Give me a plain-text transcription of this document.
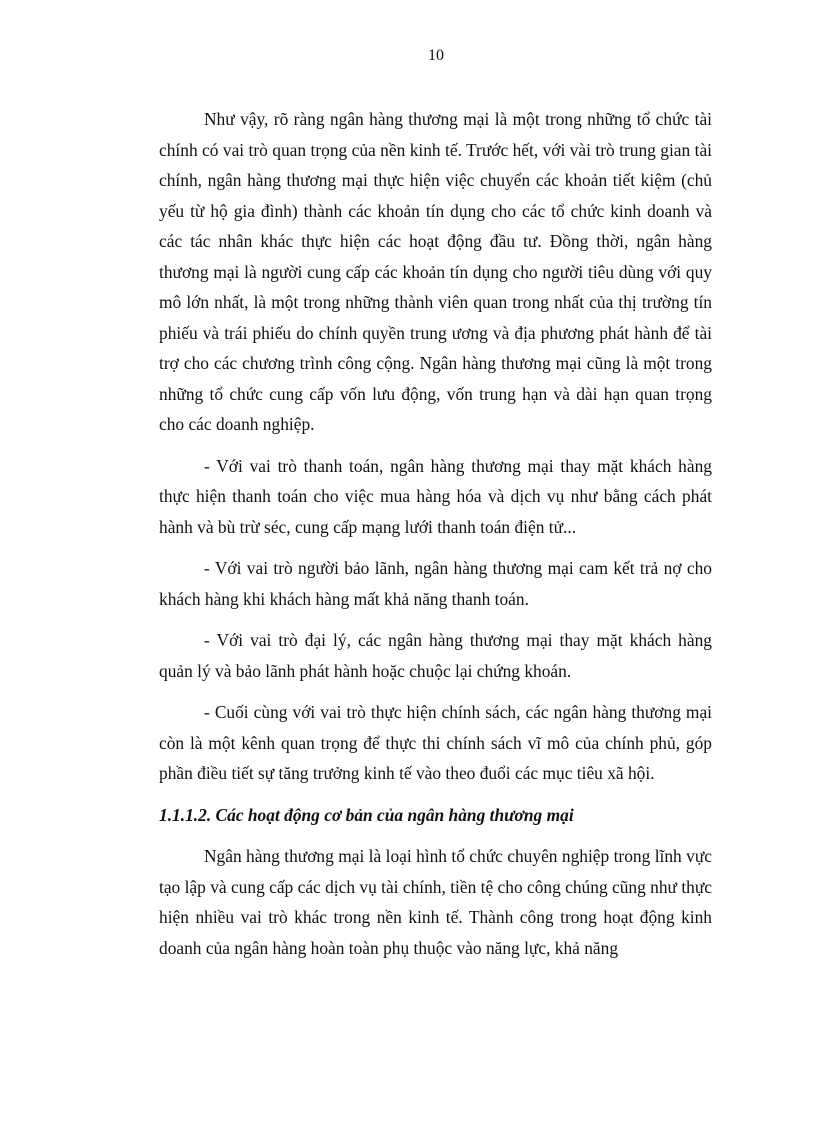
10

Như vậy, rõ ràng ngân hàng thương mại là một trong những tổ chức tài chính có vai trò quan trọng của nền kinh tế. Trước hết, với vài trò trung gian tài chính, ngân hàng thương mại thực hiện việc chuyển các khoản tiết kiệm (chủ yếu từ hộ gia đình) thành các khoản tín dụng cho các tổ chức kinh doanh và các tác nhân khác thực hiện các hoạt động đầu tư. Đồng thời, ngân hàng thương mại là người cung cấp các khoản tín dụng cho người tiêu dùng với quy mô lớn nhất, là một trong những thành viên quan trong nhất của thị trường tín phiếu và trái phiếu do chính quyền trung ương và địa phương phát hành để tài trợ cho các chương trình công cộng. Ngân hàng thương mại cũng là một trong những tổ chức cung cấp vốn lưu động, vốn trung hạn và dài hạn quan trọng cho các doanh nghiệp.

- Với vai trò thanh toán, ngân hàng thương mại thay mặt khách hàng thực hiện thanh toán cho việc mua hàng hóa và dịch vụ như bằng cách phát hành và bù trừ séc, cung cấp mạng lưới thanh toán điện tử...

- Với vai trò người bảo lãnh, ngân hàng thương mại cam kết trả nợ cho khách hàng khi khách hàng mất khả năng thanh toán.

- Với vai trò đại lý, các ngân hàng thương mại thay mặt khách hàng quản lý và bảo lãnh phát hành hoặc chuộc lại chứng khoán.

- Cuối cùng với vai trò thực hiện chính sách, các ngân hàng thương mại còn là một kênh quan trọng để thực thi chính sách vĩ mô của chính phủ, góp phần điều tiết sự tăng trưởng kinh tế vào theo đuổi các mục tiêu xã hội.

1.1.1.2. Các hoạt động cơ bản của ngân hàng thương mại

Ngân hàng thương mại là loại hình tổ chức chuyên nghiệp trong lĩnh vực tạo lập và cung cấp các dịch vụ tài chính, tiền tệ cho công chúng cũng như thực hiện nhiều vai trò khác trong nền kinh tế. Thành công trong hoạt động kinh doanh của ngân hàng hoàn toàn phụ thuộc vào năng lực, khả năng
